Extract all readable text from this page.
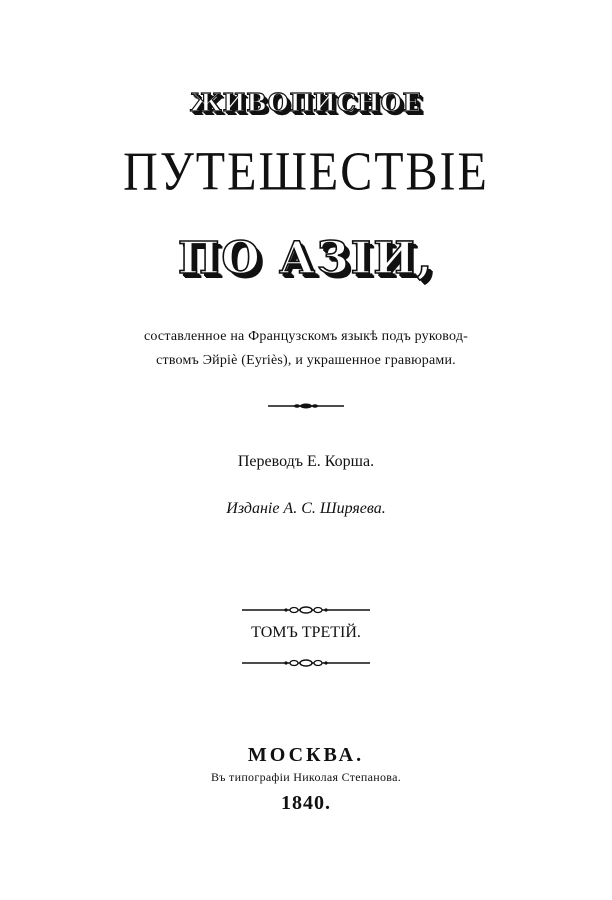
ЖИВОПИСНОЕ
ПУТЕШЕСТВІЕ
ПО АЗІИ,
составленное на Французскомъ языкѣ подъ руковод-
ствомъ Эйріѐ (Eyriès), и украшенное гравюрами.
Переводъ Е. Корша.
Изданіе А. С. Ширяева.
ТОМЪ ТРЕТІЙ.
МОСКВА.
Въ типографіи Николая Степанова.
1840.
